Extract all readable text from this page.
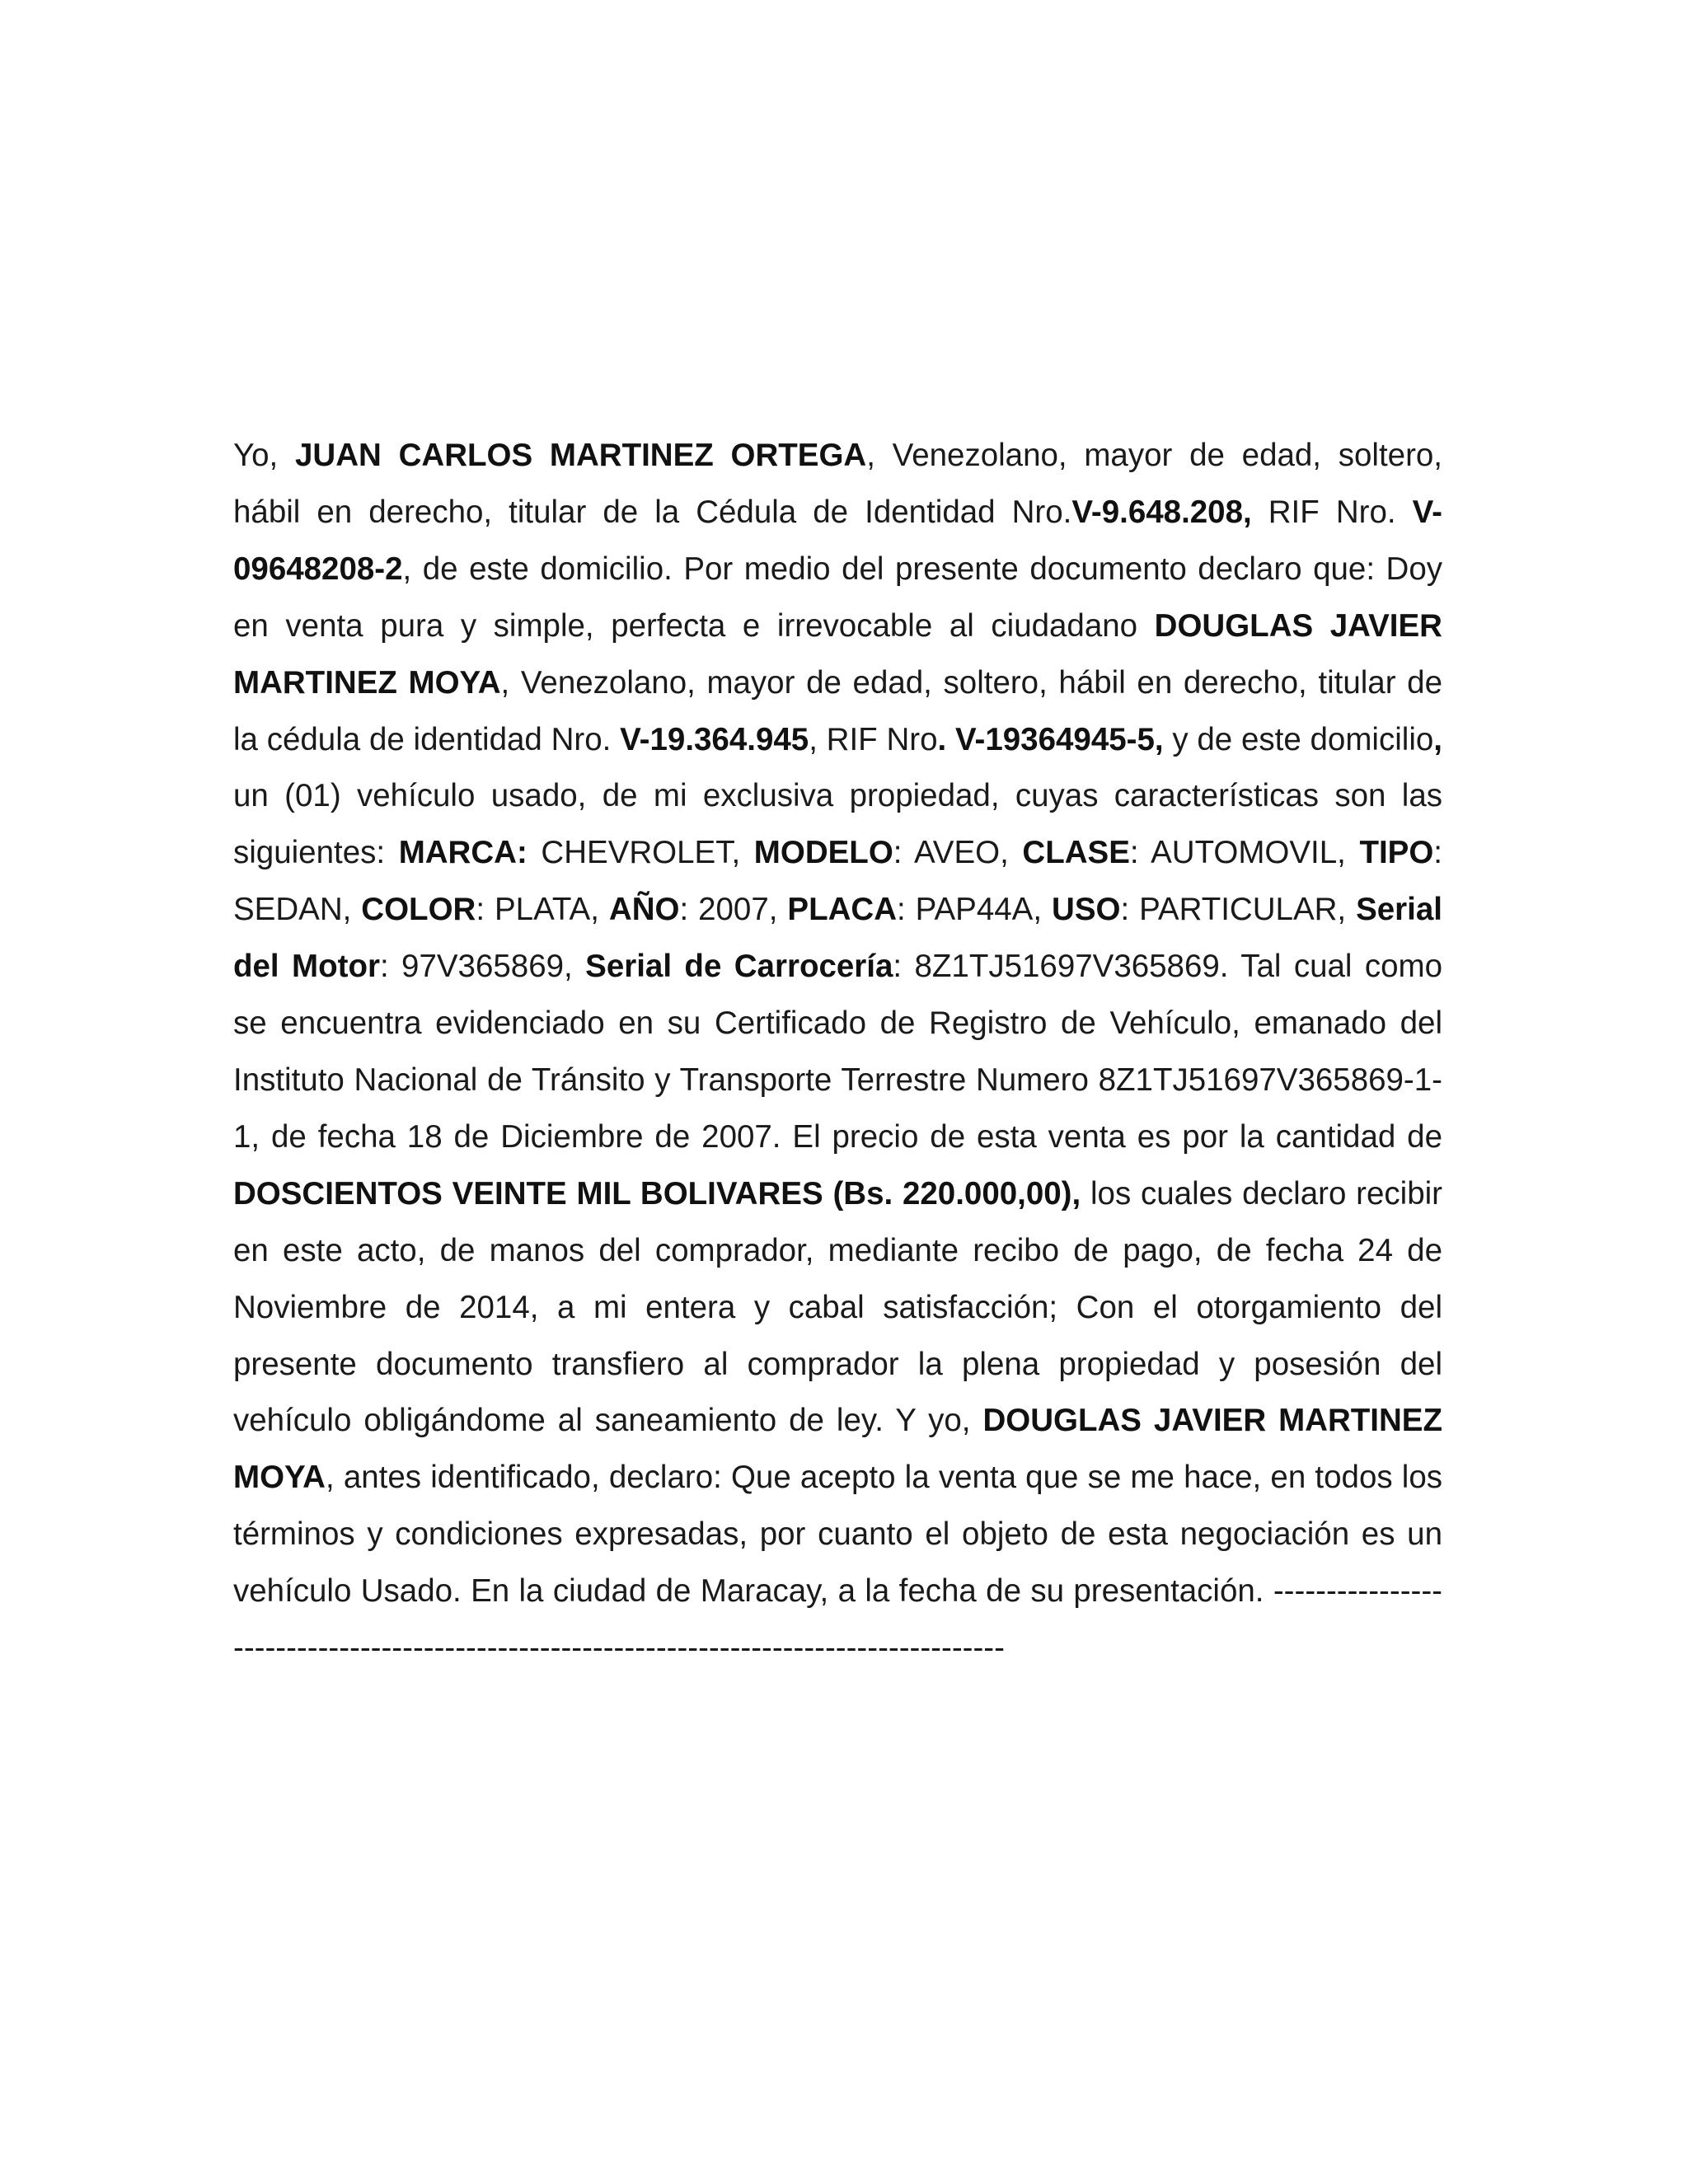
Yo, JUAN CARLOS MARTINEZ ORTEGA, Venezolano, mayor de edad, soltero, hábil en derecho, titular de la Cédula de Identidad Nro.V-9.648.208, RIF Nro. V-09648208-2, de este domicilio. Por medio del presente documento declaro que: Doy en venta pura y simple, perfecta e irrevocable al ciudadano DOUGLAS JAVIER MARTINEZ MOYA, Venezolano, mayor de edad, soltero, hábil en derecho, titular de la cédula de identidad Nro. V-19.364.945, RIF Nro. V-19364945-5, y de este domicilio, un (01) vehículo usado, de mi exclusiva propiedad, cuyas características son las siguientes: MARCA: CHEVROLET, MODELO: AVEO, CLASE: AUTOMOVIL, TIPO: SEDAN, COLOR: PLATA, AÑO: 2007, PLACA: PAP44A, USO: PARTICULAR, Serial del Motor: 97V365869, Serial de Carrocería: 8Z1TJ51697V365869. Tal cual como se encuentra evidenciado en su Certificado de Registro de Vehículo, emanado del Instituto Nacional de Tránsito y Transporte Terrestre Numero 8Z1TJ51697V365869-1-1, de fecha 18 de Diciembre de 2007. El precio de esta venta es por la cantidad de DOSCIENTOS VEINTE MIL BOLIVARES (Bs. 220.000,00), los cuales declaro recibir en este acto, de manos del comprador, mediante recibo de pago, de fecha 24 de Noviembre de 2014, a mi entera y cabal satisfacción; Con el otorgamiento del presente documento transfiero al comprador la plena propiedad y posesión del vehículo obligándome al saneamiento de ley. Y yo, DOUGLAS JAVIER MARTINEZ MOYA, antes identificado, declaro: Que acepto la venta que se me hace, en todos los términos y condiciones expresadas, por cuanto el objeto de esta negociación es un vehículo Usado. En la ciudad de Maracay, a la fecha de su presentación. -----------------------------------------------------------------------------------------
